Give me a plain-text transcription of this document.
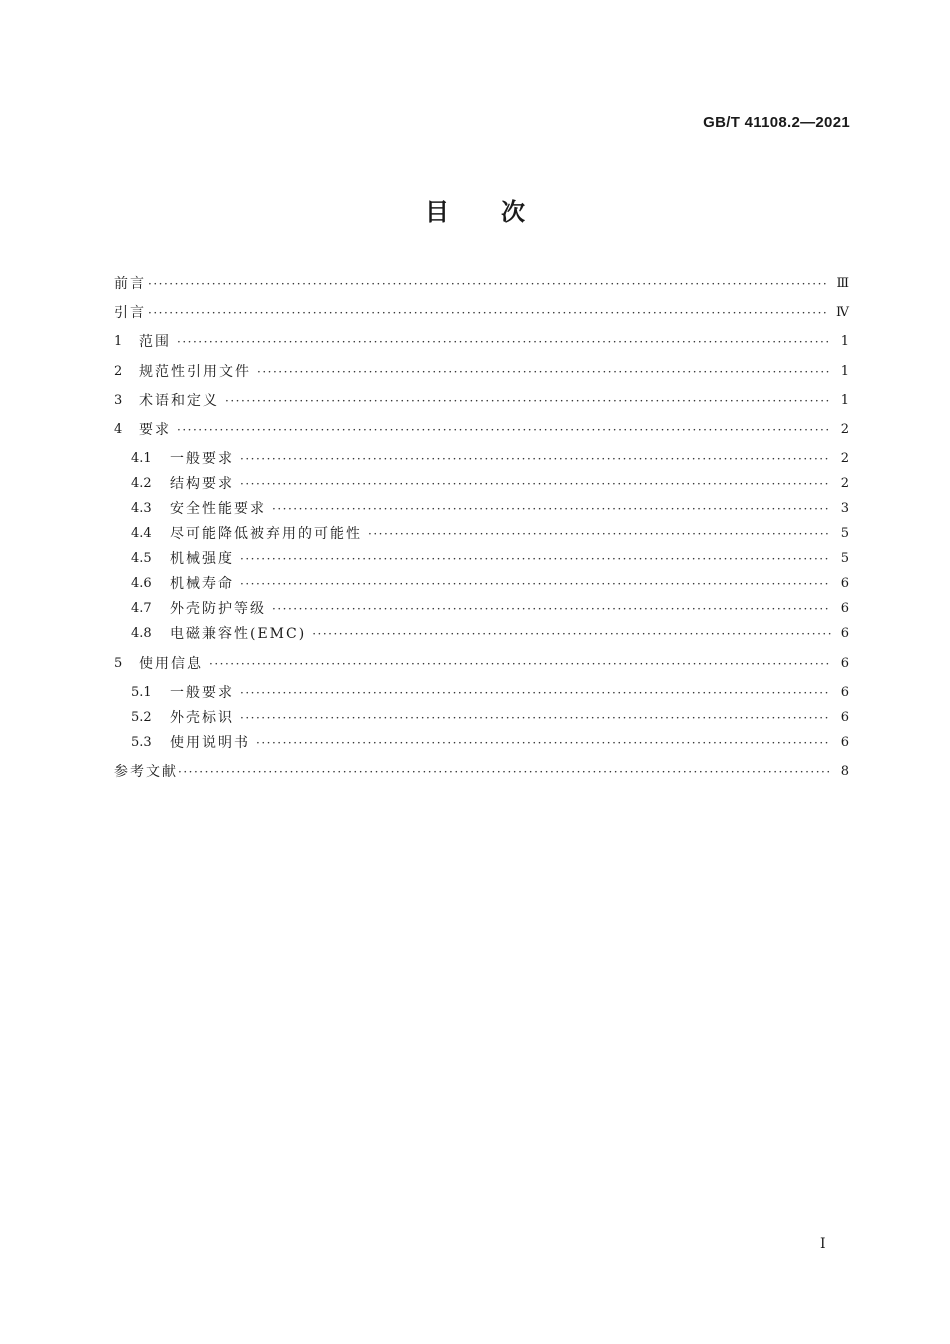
GB/T 41108.2—2021
目次
前言 ·····	Ⅲ
引言 ·····	Ⅳ
1	范围 ·····	1
2	规范性引用文件 ·····	1
3	术语和定义 ·····	1
4	要求 ·····	2
4.1	一般要求 ·····	2
4.2	结构要求 ·····	2
4.3	安全性能要求 ·····	3
4.4	尽可能降低被弃用的可能性 ·····	5
4.5	机械强度 ·····	5
4.6	机械寿命 ·····	6
4.7	外壳防护等级 ·····	6
4.8	电磁兼容性(EMC) ·····	6
5	使用信息 ·····	6
5.1	一般要求 ·····	6
5.2	外壳标识 ·····	6
5.3	使用说明书 ·····	6
参考文献 ·····	8
Ⅰ
